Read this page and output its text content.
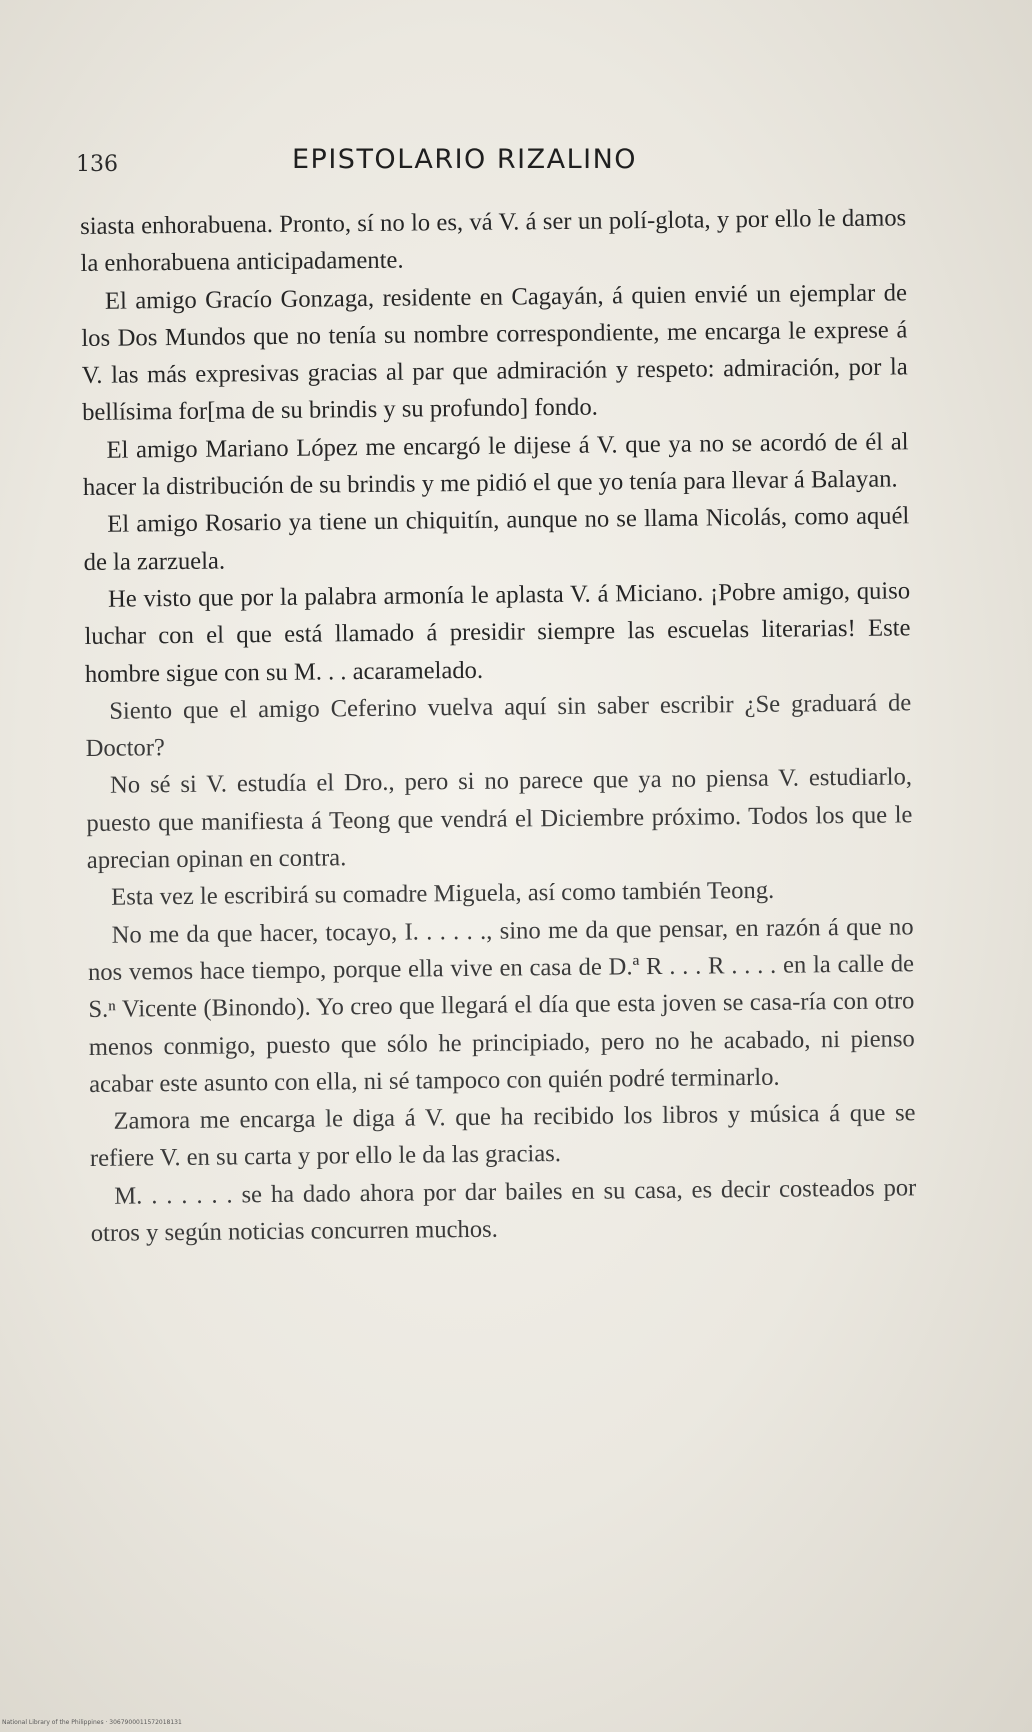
136	EPISTOLARIO RIZALINO

siasta enhorabuena. Pronto, sí no lo es, vá V. á ser un polí-glota, y por ello le damos la enhorabuena anticipadamente.

El amigo Gracío Gonzaga, residente en Cagayán, á quien envié un ejemplar de los Dos Mundos que no tenía su nombre correspondiente, me encarga le exprese á V. las más expresivas gracias al par que admiración y respeto: admiración, por la bellísima for[ma de su brindis y su profundo] fondo.

El amigo Mariano López me encargó le dijese á V. que ya no se acordó de él al hacer la distribución de su brindis y me pidió el que yo tenía para llevar á Balayan.

El amigo Rosario ya tiene un chiquitín, aunque no se llama Nicolás, como aquél de la zarzuela.

He visto que por la palabra armonía le aplasta V. á Miciano. ¡Pobre amigo, quiso luchar con el que está llamado á presidir siempre las escuelas literarias! Este hombre sigue con su M. . . acaramelado.

Siento que el amigo Ceferino vuelva aquí sin saber escribir ¿Se graduará de Doctor?

No sé si V. estudía el Dro., pero si no parece que ya no piensa V. estudiarlo, puesto que manifiesta á Teong que vendrá el Diciembre próximo. Todos los que le aprecian opinan en contra.

Esta vez le escribirá su comadre Miguela, así como también Teong.

No me da que hacer, tocayo, I. . . . . ., sino me da que pensar, en razón á que no nos vemos hace tiempo, porque ella vive en casa de D.ª R . . . R . . . . en la calle de S.ⁿ Vicente (Binondo). Yo creo que llegará el día que esta joven se casa-ría con otro menos conmigo, puesto que sólo he principiado, pero no he acabado, ni pienso acabar este asunto con ella, ni sé tampoco con quién podré terminarlo.

Zamora me encarga le diga á V. que ha recibido los libros y música á que se refiere V. en su carta y por ello le da las gracias.

M. . . . . . . se ha dado ahora por dar bailes en su casa, es decir costeados por otros y según noticias concurren muchos.

National Library of the Philippines · 3067900011572018131
